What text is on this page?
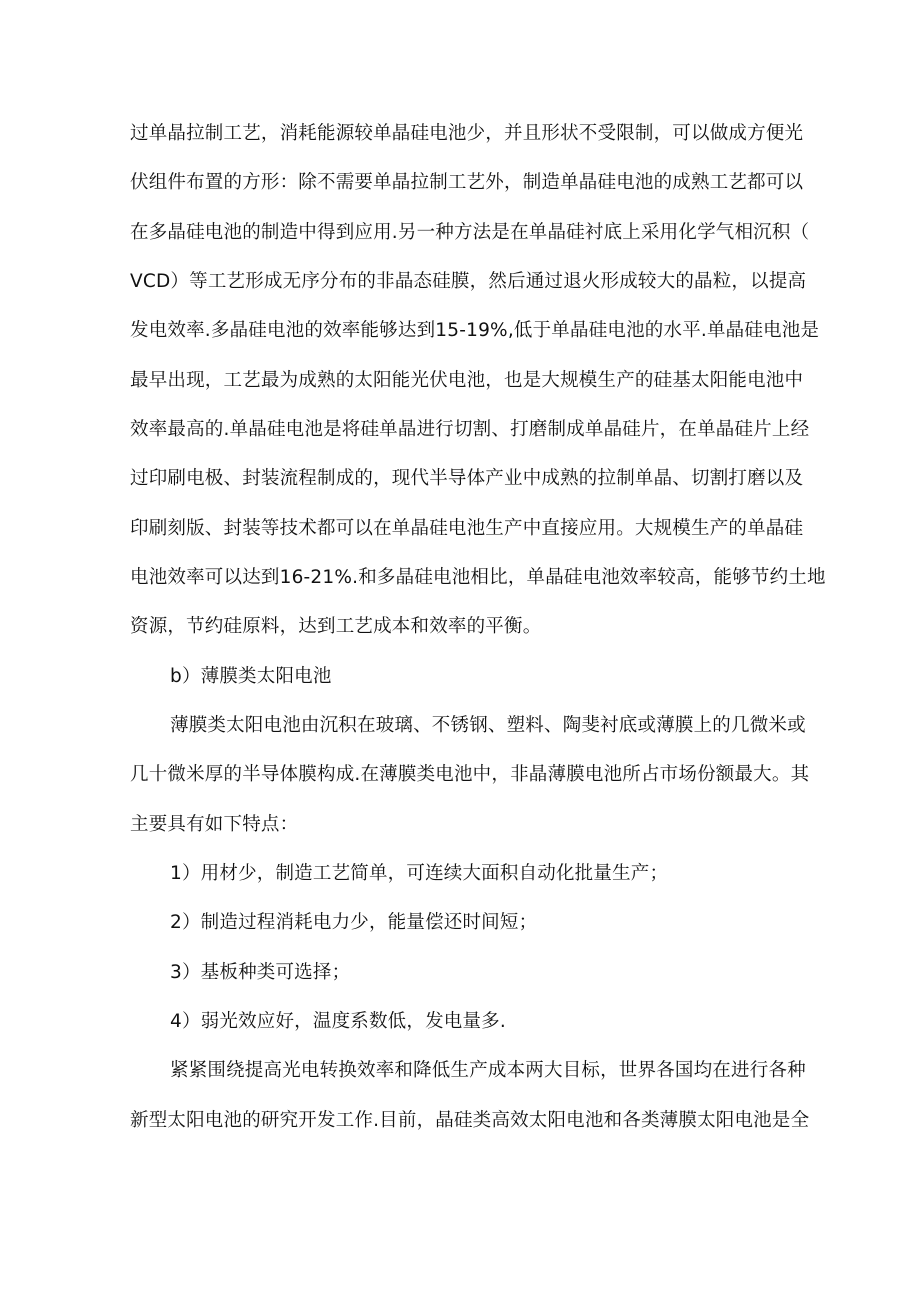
过单晶拉制工艺，消耗能源较单晶硅电池少，并且形状不受限制，可以做成方便光
伏组件布置的方形：除不需要单晶拉制工艺外，制造单晶硅电池的成熟工艺都可以
在多晶硅电池的制造中得到应用.另一种方法是在单晶硅衬底上采用化学气相沉积（
VCD）等工艺形成无序分布的非晶态硅膜，然后通过退火形成较大的晶粒，以提高
发电效率.多晶硅电池的效率能够达到15-19%,低于单晶硅电池的水平.单晶硅电池是
最早出现，工艺最为成熟的太阳能光伏电池，也是大规模生产的硅基太阳能电池中
效率最高的.单晶硅电池是将硅单晶进行切割、打磨制成单晶硅片，在单晶硅片上经
过印刷电极、封装流程制成的，现代半导体产业中成熟的拉制单晶、切割打磨以及
印刷刻版、封装等技术都可以在单晶硅电池生产中直接应用。大规模生产的单晶硅
电池效率可以达到16-21%.和多晶硅电池相比，单晶硅电池效率较高，能够节约土地
资源，节约硅原料，达到工艺成本和效率的平衡。
b）薄膜类太阳电池
薄膜类太阳电池由沉积在玻璃、不锈钢、塑料、陶斐衬底或薄膜上的几微米或
几十微米厚的半导体膜构成.在薄膜类电池中，非晶薄膜电池所占市场份额最大。其
主要具有如下特点：
1）用材少，制造工艺简单，可连续大面积自动化批量生产；
2）制造过程消耗电力少，能量偿还时间短；
3）基板种类可选择；
4）弱光效应好，温度系数低，发电量多.
紧紧围绕提高光电转换效率和降低生产成本两大目标，世界各国均在进行各种
新型太阳电池的研究开发工作.目前，晶硅类高效太阳电池和各类薄膜太阳电池是全
